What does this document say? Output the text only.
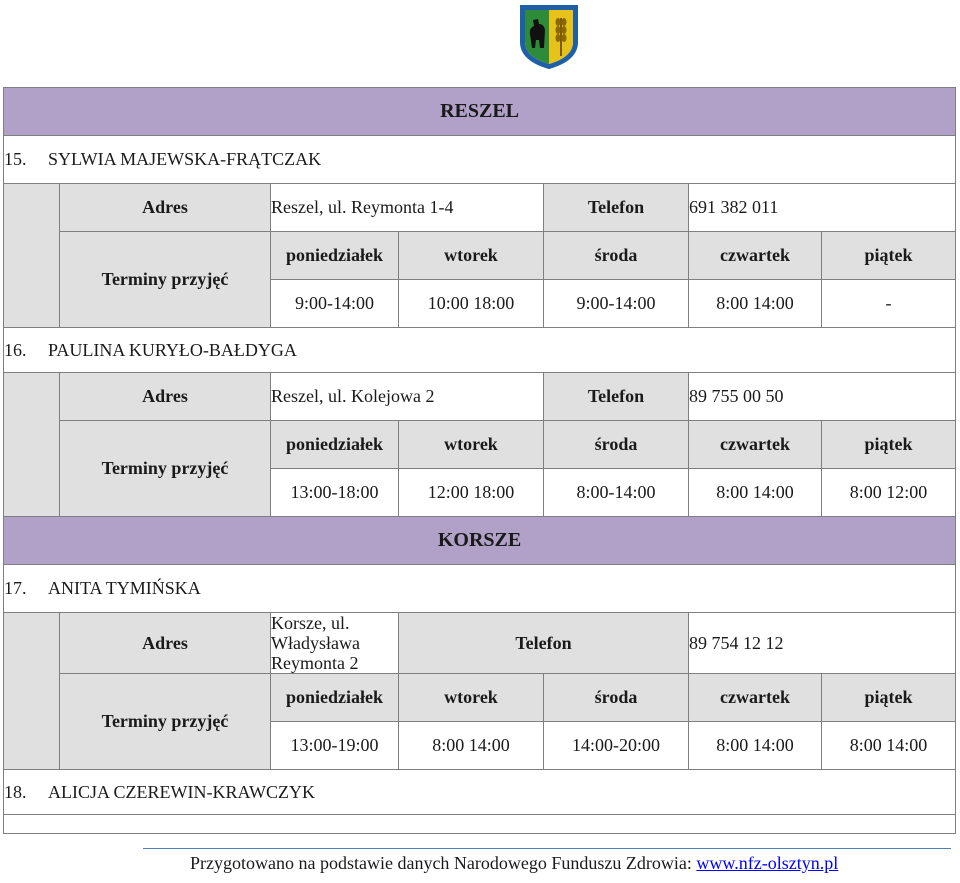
RESZEL						
15. SYLWIA MAJEWSKA-FRĄTCZAK						
	Adres	Reszel, ul. Reymonta 1-4		Telefon	691 382 011	
	Terminy przyjęć	poniedziałek	wtorek	środa	czwartek	piątek
		9:00-14:00	10:00 18:00	9:00-14:00	8:00 14:00	-
16. PAULINA KURYŁO-BAŁDYGA						
	Adres	Reszel, ul. Kolejowa 2		Telefon	89 755 00 50	
	Terminy przyjęć	poniedziałek	wtorek	środa	czwartek	piątek
		13:00-18:00	12:00 18:00	8:00-14:00	8:00 14:00	8:00 12:00
KORSZE						
17. ANITA TYMIŃSKA						
	Adres	Korsze, ul. Władysława Reymonta 2	Telefon		89 754 12 12	
	Terminy przyjęć	poniedziałek	wtorek	środa	czwartek	piątek
		13:00-19:00	8:00 14:00	14:00-20:00	8:00 14:00	8:00 14:00
18. ALICJA CZEREWIN-KRAWCZYK						

Przygotowano na podstawie danych Narodowego Funduszu Zdrowia: www.nfz-olsztyn.pl
